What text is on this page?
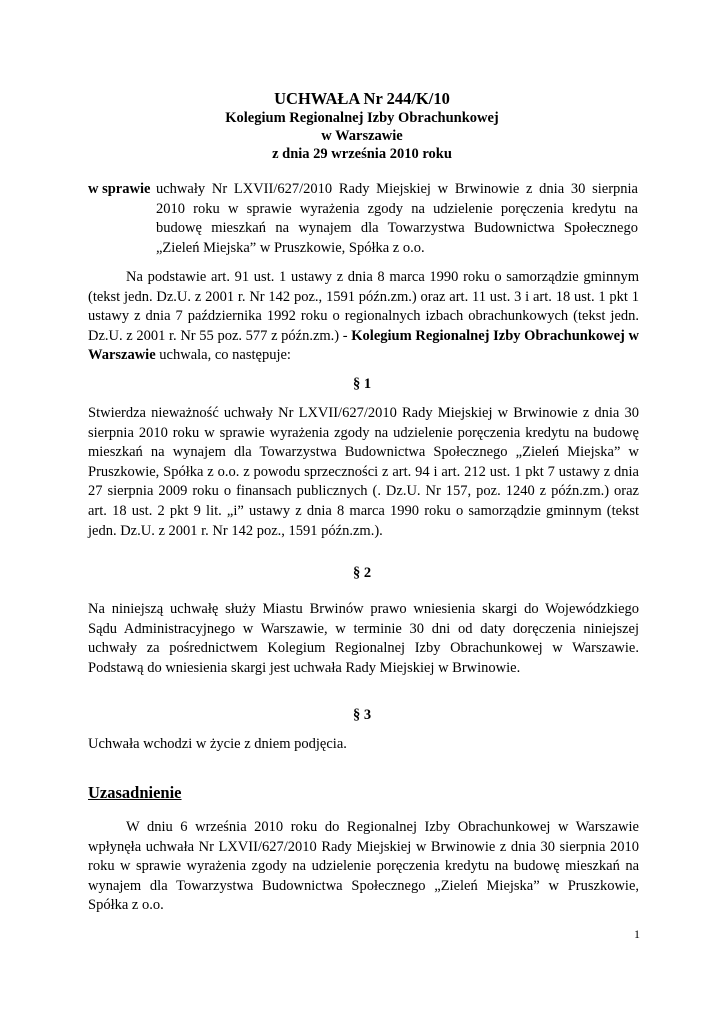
UCHWAŁA Nr 244/K/10
Kolegium Regionalnej Izby Obrachunkowej
w Warszawie
z dnia 29 września 2010 roku
w sprawie uchwały Nr LXVII/627/2010 Rady Miejskiej w Brwinowie z dnia 30 sierpnia 2010 roku w sprawie wyrażenia zgody na udzielenie poręczenia kredytu na budowę mieszkań na wynajem dla Towarzystwa Budownictwa Społecznego „Zieleń Miejska” w Pruszkowie, Spółka z o.o.
Na podstawie art. 91 ust. 1 ustawy z dnia 8 marca 1990 roku o samorządzie gminnym (tekst jedn. Dz.U. z 2001 r. Nr 142 poz., 1591 późn.zm.) oraz art. 11 ust. 3 i art. 18 ust. 1 pkt 1 ustawy z dnia 7 października 1992 roku o regionalnych izbach obrachunkowych (tekst jedn. Dz.U. z 2001 r. Nr 55 poz. 577 z późn.zm.) - Kolegium Regionalnej Izby Obrachunkowej w Warszawie uchwala, co następuje:
§ 1
Stwierdza nieważność uchwały Nr LXVII/627/2010 Rady Miejskiej w Brwinowie z dnia 30 sierpnia 2010 roku w sprawie wyrażenia zgody na udzielenie poręczenia kredytu na budowę mieszkań na wynajem dla Towarzystwa Budownictwa Społecznego „Zieleń Miejska” w Pruszkowie, Spółka z o.o. z powodu sprzeczności z art. 94 i art. 212 ust. 1 pkt 7 ustawy z dnia 27 sierpnia 2009 roku o finansach publicznych (. Dz.U. Nr 157, poz. 1240 z późn.zm.) oraz art. 18 ust. 2 pkt 9 lit. „i” ustawy z dnia 8 marca 1990 roku o samorządzie gminnym (tekst jedn. Dz.U. z 2001 r. Nr 142 poz., 1591 późn.zm.).
§ 2
Na niniejszą uchwałę służy Miastu Brwinów prawo wniesienia skargi do Wojewódzkiego Sądu Administracyjnego w Warszawie, w terminie 30 dni od daty doręczenia niniejszej uchwały za pośrednictwem Kolegium Regionalnej Izby Obrachunkowej w Warszawie. Podstawą do wniesienia skargi jest uchwała Rady Miejskiej w Brwinowie.
§ 3
Uchwała wchodzi w życie z dniem podjęcia.
Uzasadnienie
W dniu 6 września 2010 roku do Regionalnej Izby Obrachunkowej w Warszawie wpłynęła uchwała Nr LXVII/627/2010 Rady Miejskiej w Brwinowie z dnia 30 sierpnia 2010 roku w sprawie wyrażenia zgody na udzielenie poręczenia kredytu na budowę mieszkań na wynajem dla Towarzystwa Budownictwa Społecznego „Zieleń Miejska” w Pruszkowie, Spółka z o.o.
1
